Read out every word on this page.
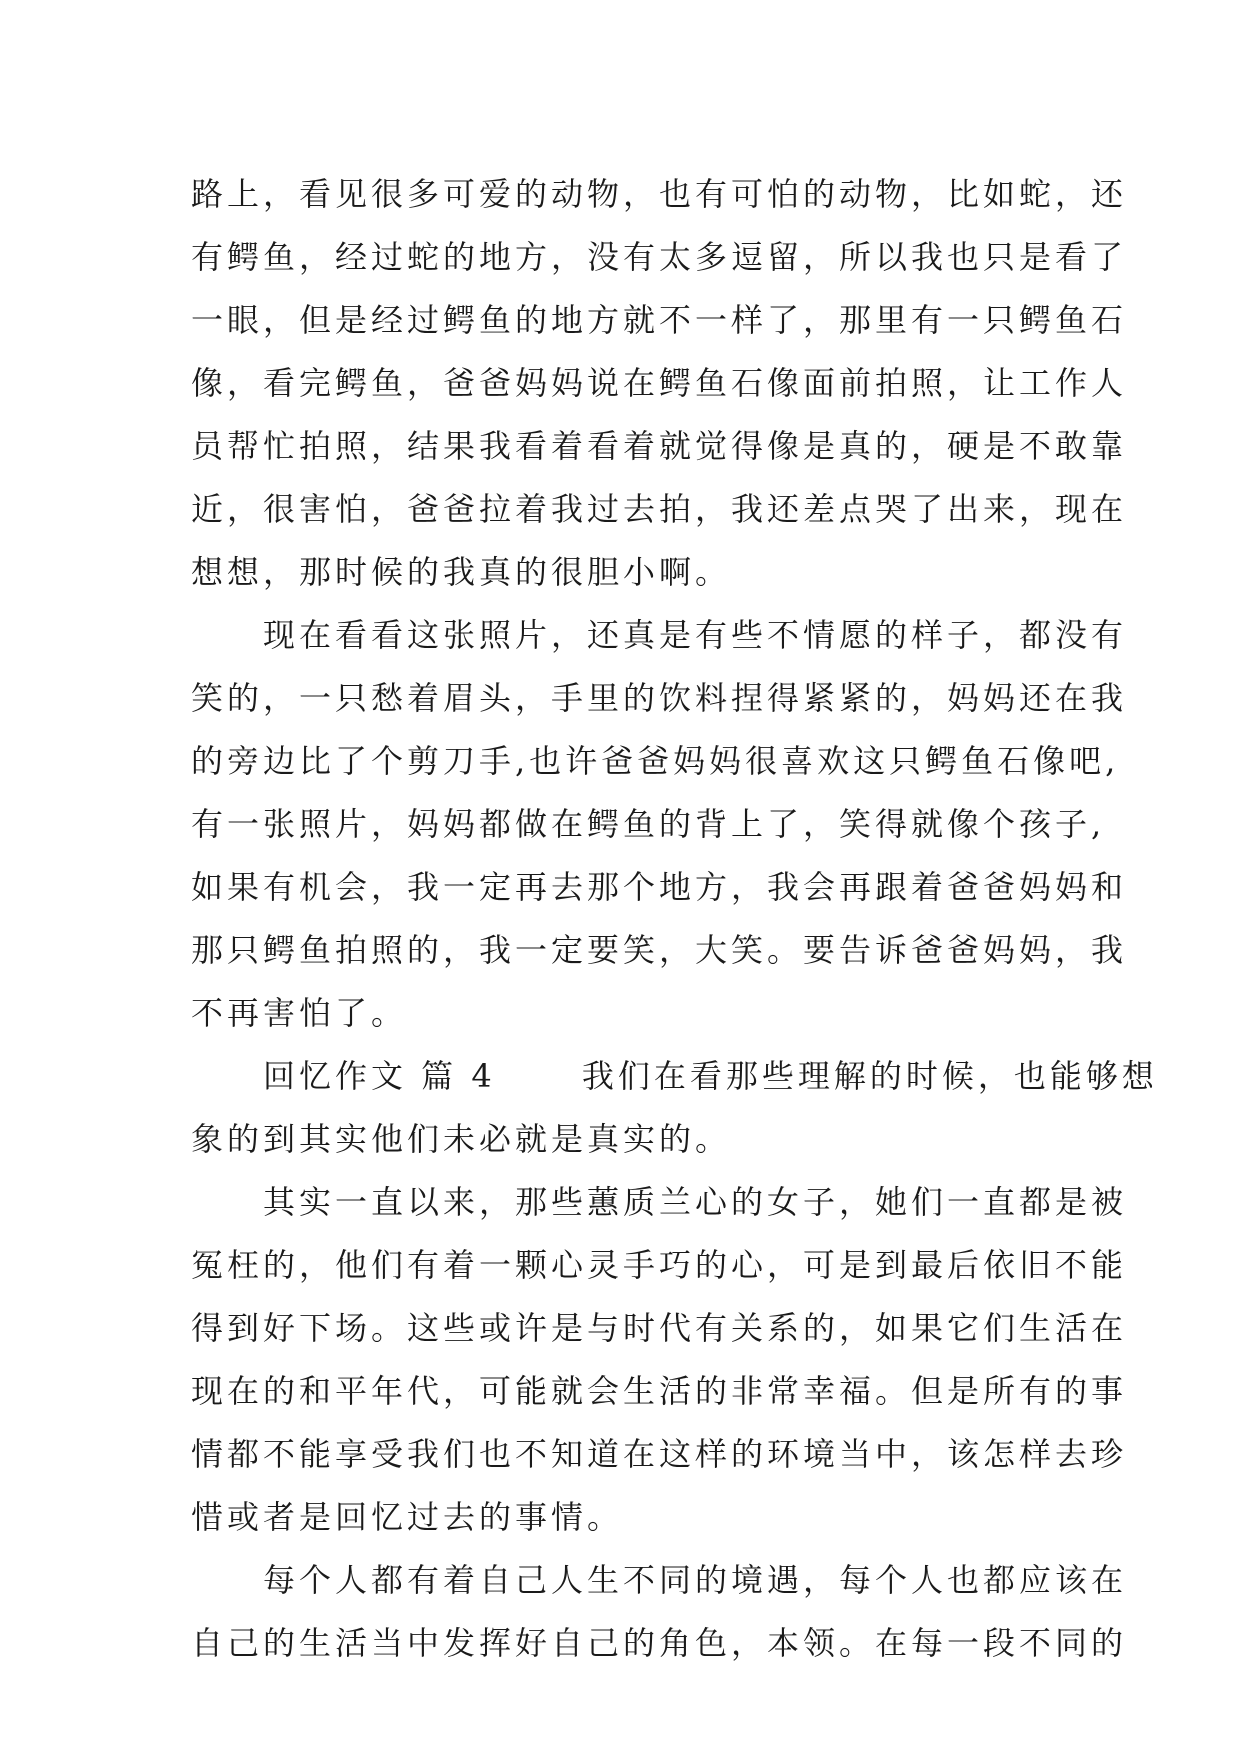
路上，看见很多可爱的动物，也有可怕的动物，比如蛇，还
有鳄鱼，经过蛇的地方，没有太多逗留，所以我也只是看了
一眼，但是经过鳄鱼的地方就不一样了，那里有一只鳄鱼石
像，看完鳄鱼，爸爸妈妈说在鳄鱼石像面前拍照，让工作人
员帮忙拍照，结果我看着看着就觉得像是真的，硬是不敢靠
近，很害怕，爸爸拉着我过去拍，我还差点哭了出来，现在
想想，那时候的我真的很胆小啊。

　　现在看看这张照片，还真是有些不情愿的样子，都没有
笑的，一只愁着眉头，手里的饮料捏得紧紧的，妈妈还在我
的旁边比了个剪刀手,也许爸爸妈妈很喜欢这只鳄鱼石像吧,
有一张照片，妈妈都做在鳄鱼的背上了，笑得就像个孩子,
如果有机会，我一定再去那个地方，我会再跟着爸爸妈妈和
那只鳄鱼拍照的，我一定要笑，大笑。要告诉爸爸妈妈，我
不再害怕了。

　　回忆作文 篇 4　　 我们在看那些理解的时候，也能够想
象的到其实他们未必就是真实的。

　　其实一直以来，那些蕙质兰心的女子，她们一直都是被
冤枉的，他们有着一颗心灵手巧的心，可是到最后依旧不能
得到好下场。这些或许是与时代有关系的，如果它们生活在
现在的和平年代，可能就会生活的非常幸福。但是所有的事
情都不能享受我们也不知道在这样的环境当中，该怎样去珍
惜或者是回忆过去的事情。

　　每个人都有着自己人生不同的境遇，每个人也都应该在
自己的生活当中发挥好自己的角色，本领。在每一段不同的
